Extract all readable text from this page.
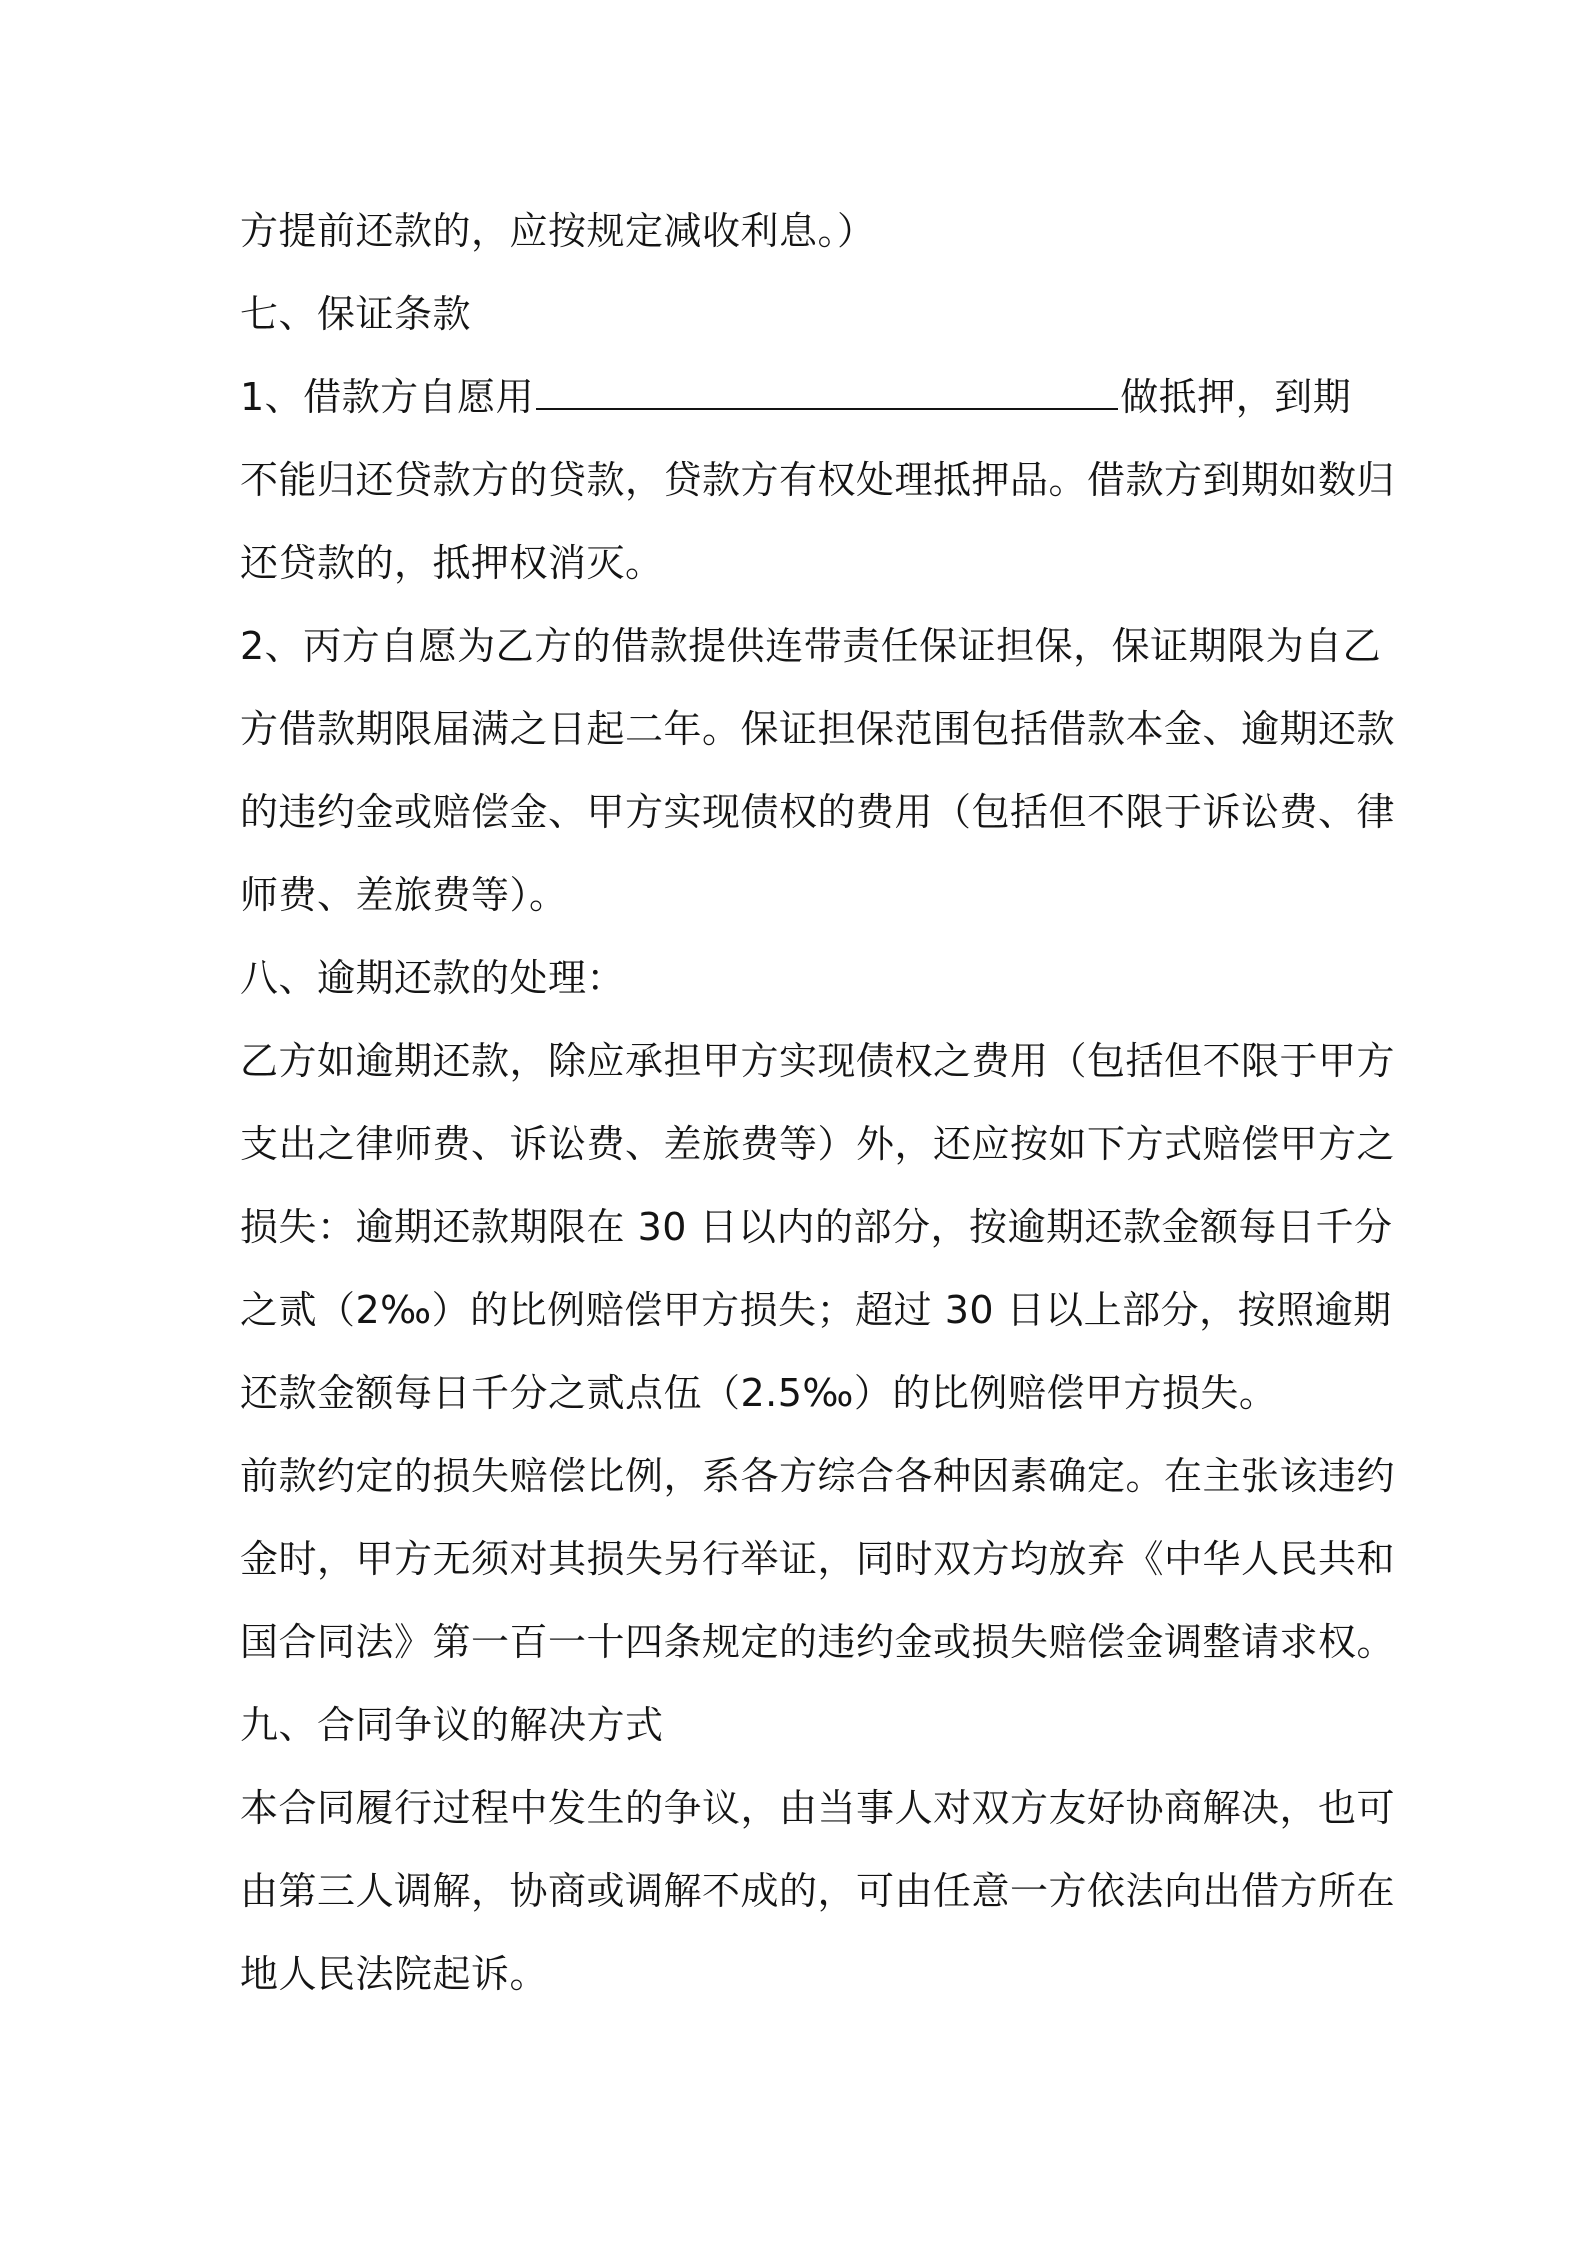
方提前还款的，应按规定减收利息。）
七、保证条款
1、借款方自愿用	做抵押，到期
不能归还贷款方的贷款，贷款方有权处理抵押品。借款方到期如数归
还贷款的，抵押权消灭。
2、丙方自愿为乙方的借款提供连带责任保证担保，保证期限为自乙
方借款期限届满之日起二年。保证担保范围包括借款本金、逾期还款
的违约金或赔偿金、甲方实现债权的费用（包括但不限于诉讼费、律
师费、差旅费等）。
八、逾期还款的处理：
乙方如逾期还款，除应承担甲方实现债权之费用（包括但不限于甲方
支出之律师费、诉讼费、差旅费等）外，还应按如下方式赔偿甲方之
损失：逾期还款期限在 30 日以内的部分，按逾期还款金额每日千分
之贰（2‰）的比例赔偿甲方损失；超过 30 日以上部分，按照逾期
还款金额每日千分之贰点伍（2.5‰）的比例赔偿甲方损失。
前款约定的损失赔偿比例，系各方综合各种因素确定。在主张该违约
金时，甲方无须对其损失另行举证，同时双方均放弃《中华人民共和
国合同法》第一百一十四条规定的违约金或损失赔偿金调整请求权。
九、合同争议的解决方式
本合同履行过程中发生的争议，由当事人对双方友好协商解决，也可
由第三人调解，协商或调解不成的，可由任意一方依法向出借方所在
地人民法院起诉。
